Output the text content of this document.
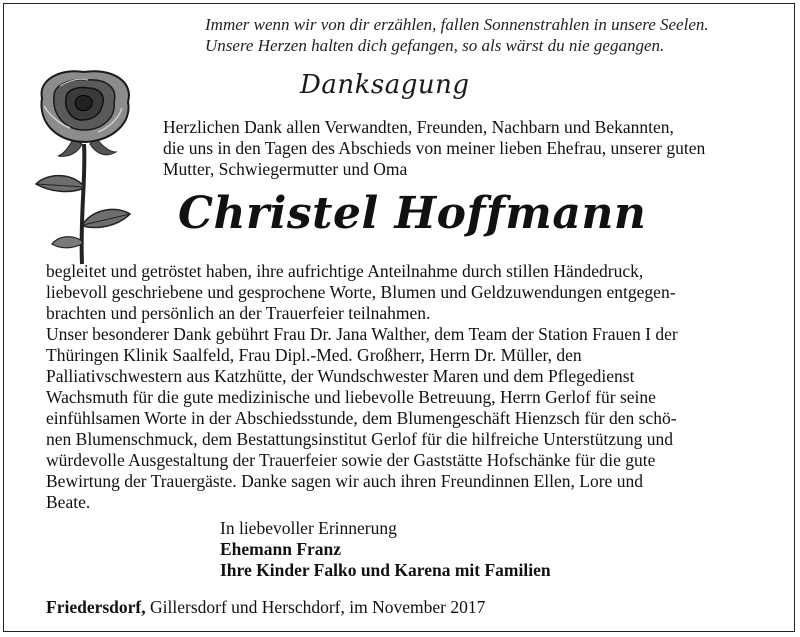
Immer wenn wir von dir erzählen, fallen Sonnenstrahlen in unsere Seelen.
Unsere Herzen halten dich gefangen, so als wärst du nie gegangen.
Danksagung
Herzlichen Dank allen Verwandten, Freunden, Nachbarn und Bekannten,
die uns in den Tagen des Abschieds von meiner lieben Ehefrau, unserer guten
Mutter, Schwiegermutter und Oma
Christel Hoffmann
begleitet und getröstet haben, ihre aufrichtige Anteilnahme durch stillen Händedruck,
liebevoll geschriebene und gesprochene Worte, Blumen und Geldzuwendungen entgegen-
brachten und persönlich an der Trauerfeier teilnahmen.
Unser besonderer Dank gebührt Frau Dr. Jana Walther, dem Team der Station Frauen I der
Thüringen Klinik Saalfeld, Frau Dipl.-Med. Großherr, Herrn Dr. Müller, den
Palliativschwestern aus Katzhütte, der Wundschwester Maren und dem Pflegedienst
Wachsmuth für die gute medizinische und liebevolle Betreuung, Herrn Gerlof für seine
einfühlsamen Worte in der Abschiedsstunde, dem Blumengeschäft Hienzsch für den schö-
nen Blumenschmuck, dem Bestattungsinstitut Gerlof für die hilfreiche Unterstützung und
würdevolle Ausgestaltung der Trauerfeier sowie der Gaststätte Hofschänke für die gute
Bewirtung der Trauergäste. Danke sagen wir auch ihren Freundinnen Ellen, Lore und
Beate.
In liebevoller Erinnerung
Ehemann Franz
Ihre Kinder Falko und Karena mit Familien
Friedersdorf, Gillersdorf und Herschdorf, im November 2017
